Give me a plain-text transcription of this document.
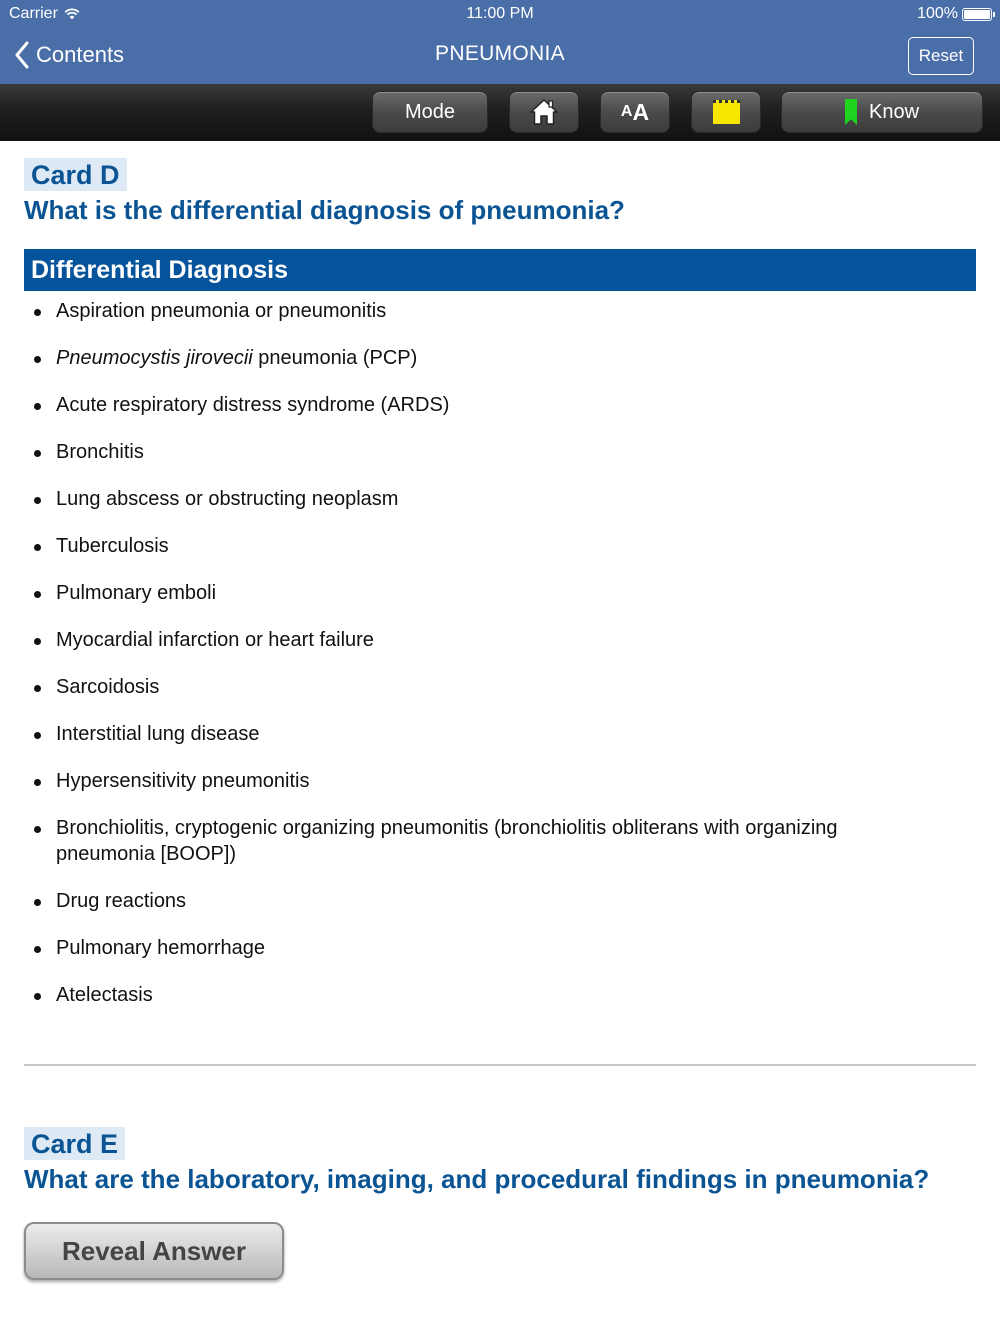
Carrier	11:00 PM	100%
Contents	PNEUMONIA	Reset
Mode	A A	Know
Card D
What is the differential diagnosis of pneumonia?
Differential Diagnosis
Aspiration pneumonia or pneumonitis
Pneumocystis jirovecii pneumonia (PCP)
Acute respiratory distress syndrome (ARDS)
Bronchitis
Lung abscess or obstructing neoplasm
Tuberculosis
Pulmonary emboli
Myocardial infarction or heart failure
Sarcoidosis
Interstitial lung disease
Hypersensitivity pneumonitis
Bronchiolitis, cryptogenic organizing pneumonitis (bronchiolitis obliterans with organizing pneumonia [BOOP])
Drug reactions
Pulmonary hemorrhage
Atelectasis
Card E
What are the laboratory, imaging, and procedural findings in pneumonia?
Reveal Answer
